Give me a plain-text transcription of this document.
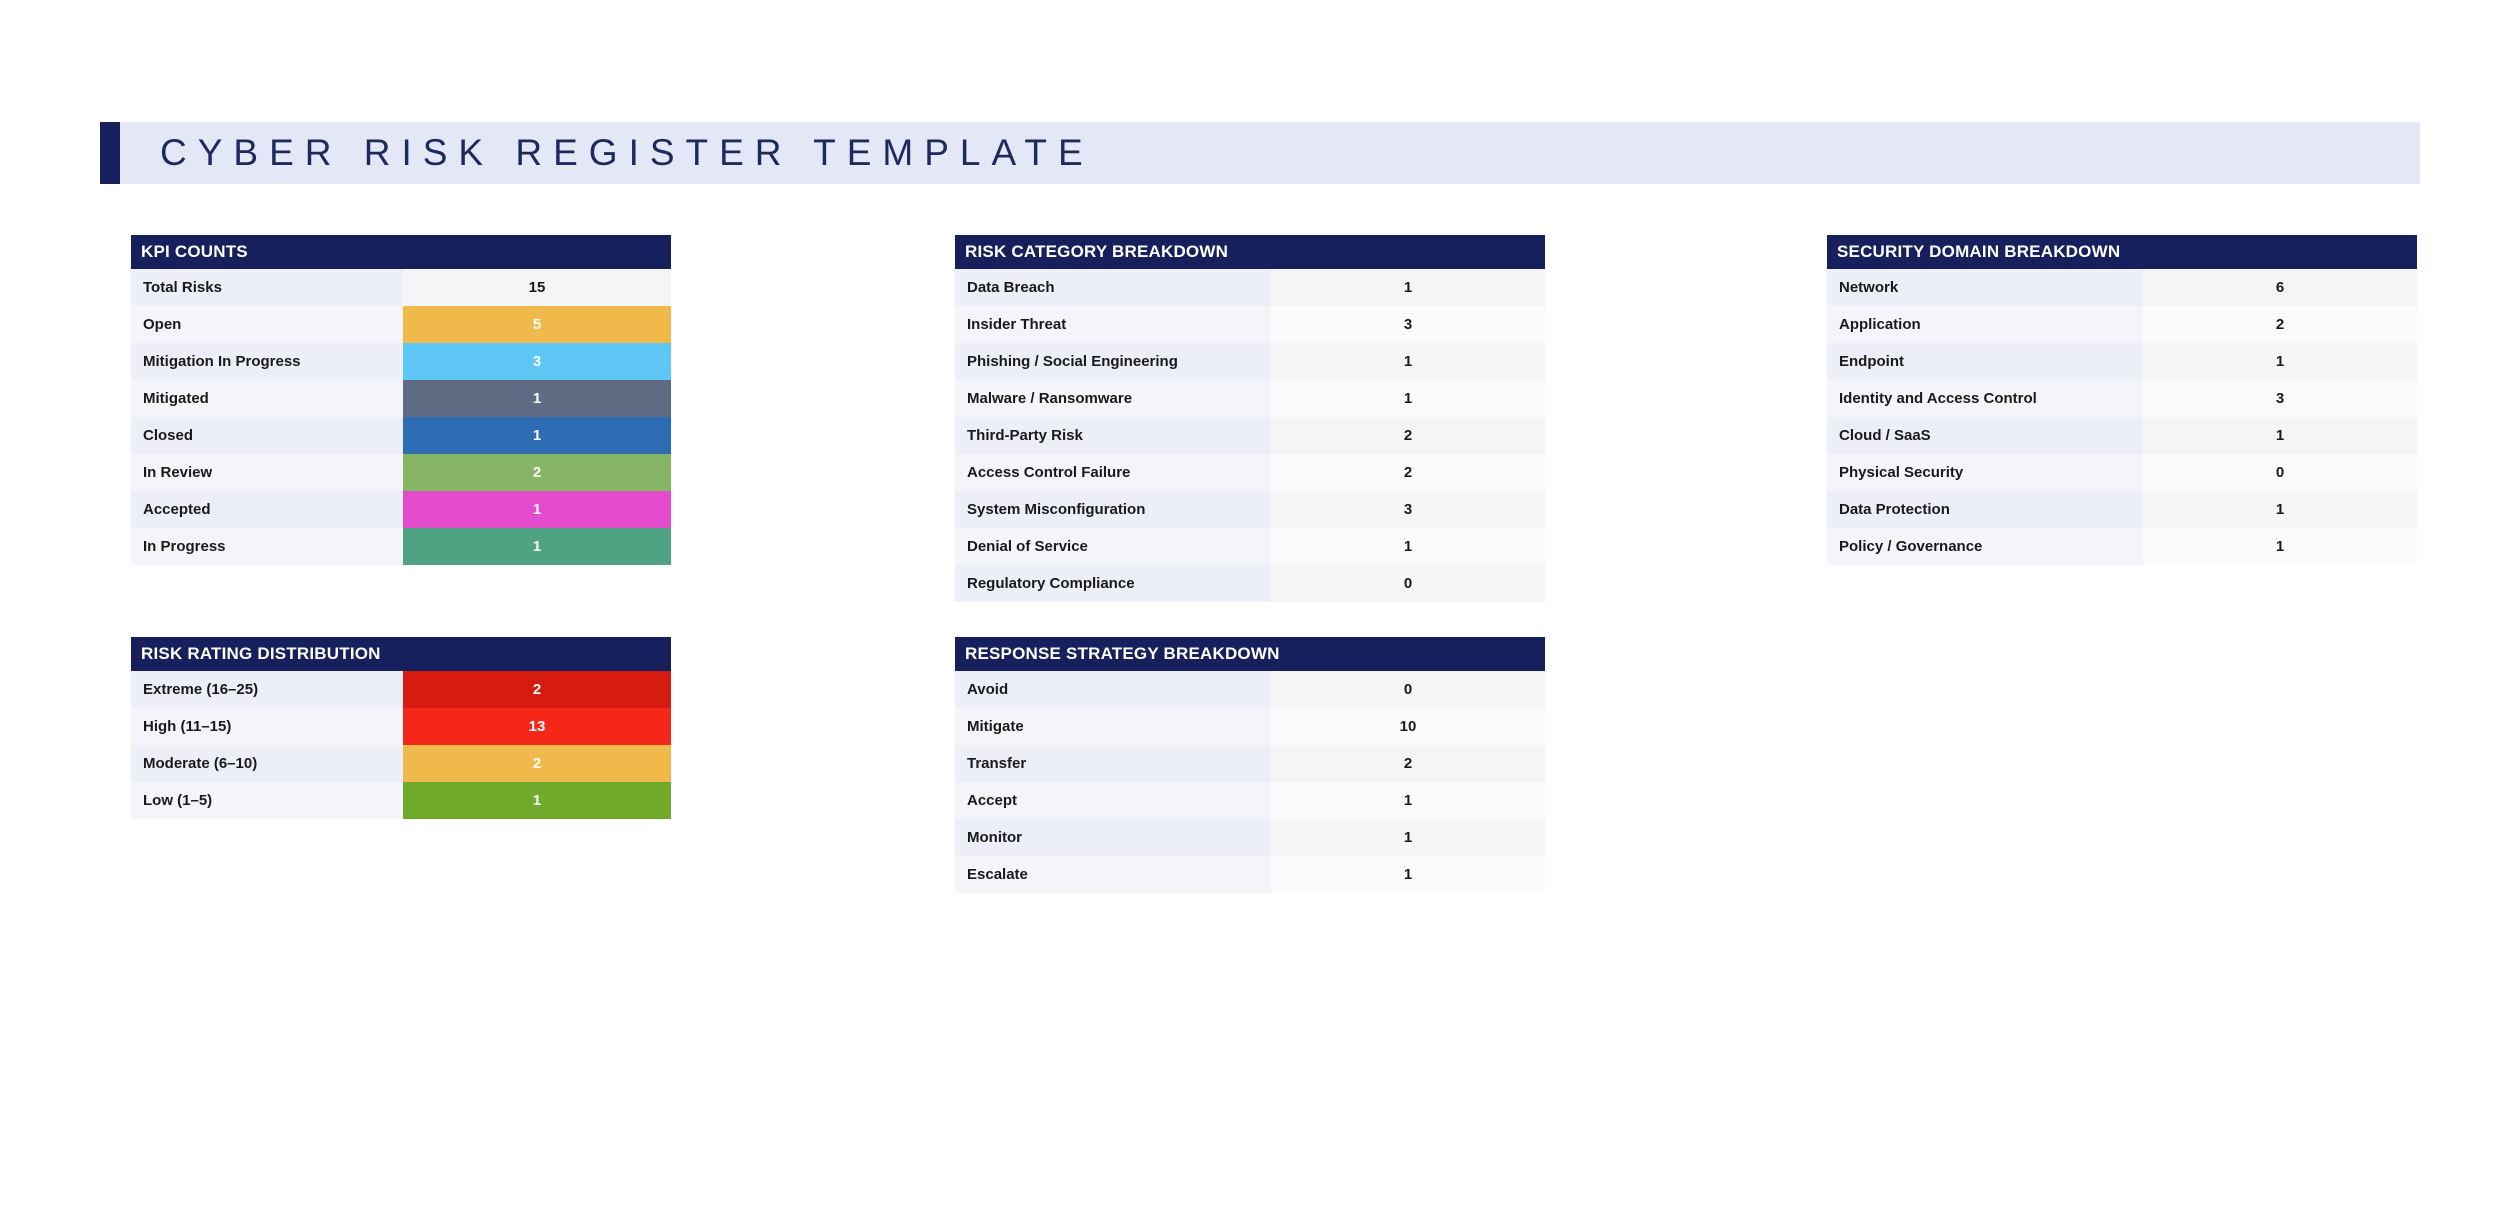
CYBER RISK REGISTER TEMPLATE
KPI COUNTS
Total Risks	15
Open	5
Mitigation In Progress	3
Mitigated	1
Closed	1
In Review	2
Accepted	1
In Progress	1
RISK RATING DISTRIBUTION
Extreme (16–25)	2
High (11–15)	13
Moderate (6–10)	2
Low (1–5)	1
RISK CATEGORY BREAKDOWN
Data Breach	1
Insider Threat	3
Phishing / Social Engineering	1
Malware / Ransomware	1
Third-Party Risk	2
Access Control Failure	2
System Misconfiguration	3
Denial of Service	1
Regulatory Compliance	0
RESPONSE STRATEGY BREAKDOWN
Avoid	0
Mitigate	10
Transfer	2
Accept	1
Monitor	1
Escalate	1
SECURITY DOMAIN BREAKDOWN
Network	6
Application	2
Endpoint	1
Identity and Access Control	3
Cloud / SaaS	1
Physical Security	0
Data Protection	1
Policy / Governance	1
